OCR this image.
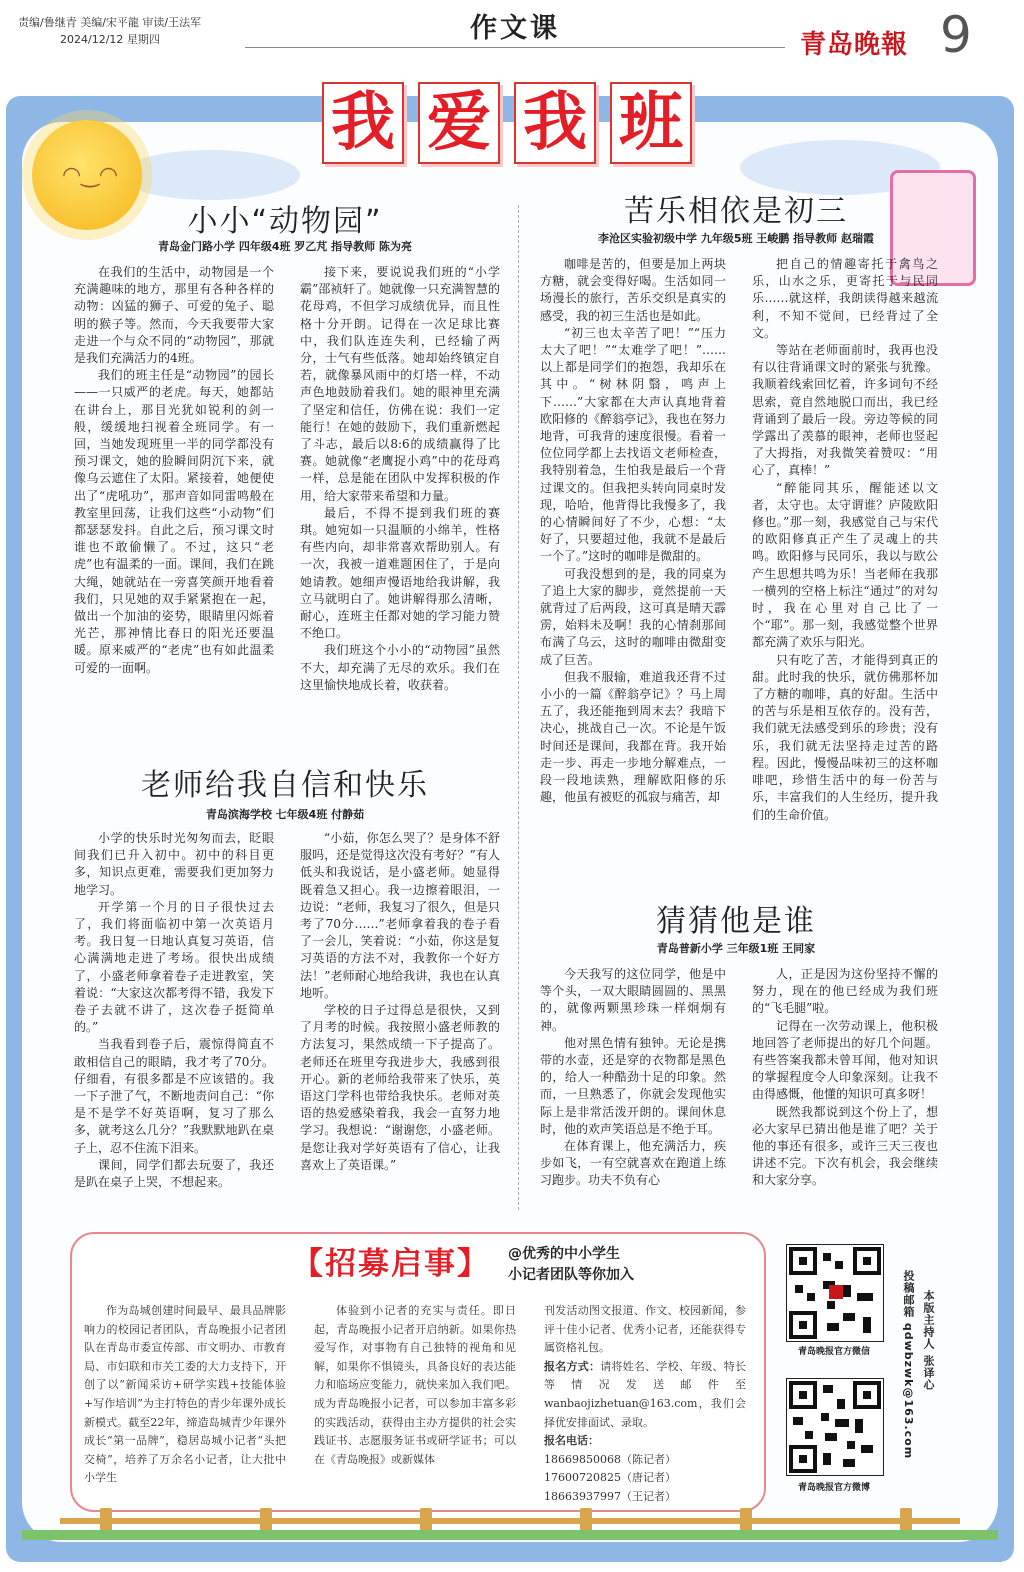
责编/鲁继青 美编/宋平龍 审读/王法军
2024/12/12 星期四	作文课
青岛晚報 9
◠‿◠
我 爱 我 班
小小“动物园”
青岛金门路小学 四年级4班 罗乙芃 指导教师 陈为亮

在我们的生活中，动物园是一个充满趣味的地方，那里有各种各样的动物：凶猛的狮子、可爱的兔子、聪明的猴子等。然而，今天我要带大家走进一个与众不同的“动物园”，那就是我们充满活力的4班。

我们的班主任是“动物园”的园长——一只威严的老虎。每天，她都站在讲台上，那目光犹如锐利的剑一般，缓缓地扫视着全班同学。有一回，当她发现班里一半的同学都没有预习课文，她的脸瞬间阴沉下来，就像乌云遮住了太阳。紧接着，她便使出了“虎吼功”，那声音如同雷鸣般在教室里回荡，让我们这些“小动物”们都瑟瑟发抖。自此之后，预习课文时谁也不敢偷懒了。不过，这只“老虎”也有温柔的一面。课间，我们在跳大绳，她就站在一旁喜笑颜开地看着我们，只见她的双手紧紧抱在一起，做出一个加油的姿势，眼睛里闪烁着光芒，那神情比春日的阳光还要温暖。原来威严的“老虎”也有如此温柔可爱的一面啊。

接下来，要说说我们班的“小学霸”邵祯轩了。她就像一只充满智慧的花母鸡，不但学习成绩优异，而且性格十分开朗。记得在一次足球比赛中，我们队连连失利，已经输了两分，士气有些低落。她却始终镇定自若，就像暴风雨中的灯塔一样，不动声色地鼓励着我们。她的眼神里充满了坚定和信任，仿佛在说：我们一定能行！在她的鼓励下，我们重新燃起了斗志，最后以8:6的成绩赢得了比赛。她就像“老鹰捉小鸡”中的花母鸡一样，总是能在团队中发挥积极的作用，给大家带来希望和力量。

最后，不得不提到我们班的赛琪。她宛如一只温顺的小绵羊，性格有些内向，却非常喜欢帮助别人。有一次，我被一道难题困住了，于是向她请教。她细声慢语地给我讲解，我立马就明白了。她讲解得那么清晰，耐心，连班主任都对她的学习能力赞不绝口。

我们班这个小小的“动物园”虽然不大，却充满了无尽的欢乐。我们在这里愉快地成长着，收获着。

老师给我自信和快乐
青岛滨海学校 七年级4班 付静茹

小学的快乐时光匆匆而去，眨眼间我们已升入初中。初中的科目更多，知识点更难，需要我们更加努力地学习。

开学第一个月的日子很快过去了，我们将面临初中第一次英语月考。我日复一日地认真复习英语，信心满满地走进了考场。很快出成绩了，小盛老师拿着卷子走进教室，笑着说：“大家这次都考得不错，我发下卷子去就不讲了，这次卷子挺简单的。”

当我看到卷子后，震惊得简直不敢相信自己的眼睛，我才考了70分。仔细看，有很多都是不应该错的。我一下子泄了气，不断地责问自己：“你是不是学不好英语啊，复习了那么多，就考这么几分？”我默默地趴在桌子上，忍不住流下泪来。

课间，同学们都去玩耍了，我还是趴在桌子上哭，不想起来。

“小茹，你怎么哭了？是身体不舒服吗，还是觉得这次没有考好？”有人低头和我说话，是小盛老师。她显得既着急又担心。我一边擦着眼泪，一边说：“老师，我复习了很久，但是只考了70分……”老师拿着我的卷子看了一会儿，笑着说：“小茹，你这是复习英语的方法不对，我教你一个好方法！”老师耐心地给我讲，我也在认真地听。

学校的日子过得总是很快，又到了月考的时候。我按照小盛老师教的方法复习，果然成绩一下子提高了。老师还在班里夸我进步大，我感到很开心。新的老师给我带来了快乐，英语这门学科也带给我快乐。老师对英语的热爱感染着我，我会一直努力地学习。我想说：“谢谢您，小盛老师。是您让我对学好英语有了信心，让我喜欢上了英语课。”

苦乐相依是初三
李沧区实验初级中学 九年级5班 王峻鹏 指导教师 赵瑞霞

咖啡是苦的，但要是加上两块方糖，就会变得好喝。生活如同一场漫长的旅行，苦乐交织是真实的感受，我的初三生活也是如此。

“初三也太辛苦了吧！”“压力太大了吧！”“太难学了吧！”……以上都是同学们的抱怨，我却乐在其中。“树林阴翳，鸣声上下……”大家都在大声认真地背着欧阳修的《醉翁亭记》，我也在努力地背，可我背的速度很慢。看着一位位同学都上去找语文老师检查，我特别着急，生怕我是最后一个背过课文的。但我把头转向同桌时发现，哈哈，他背得比我慢多了，我的心情瞬间好了不少，心想：“太好了，只要超过他，我就不是最后一个了。”这时的咖啡是微甜的。

可我没想到的是，我的同桌为了追上大家的脚步，竟然提前一天就背过了后两段，这可真是晴天霹雳，始料未及啊！我的心情刹那间布满了乌云，这时的咖啡由微甜变成了巨苦。

但我不服输，难道我还背不过小小的一篇《醉翁亭记》？马上周五了，我还能拖到周末去？我暗下决心，挑战自己一次。不论是午饭时间还是课间，我都在背。我开始走一步、再走一步地分解难点，一段一段地读熟，理解欧阳修的乐趣，他虽有被贬的孤寂与痛苦，却

把自己的情趣寄托于禽鸟之乐，山水之乐，更寄托于与民同乐……就这样，我朗读得越来越流利，不知不觉间，已经背过了全文。

等站在老师面前时，我再也没有以往背诵课文时的紧张与犹豫。我顺着线索回忆着，许多词句不经思索，竟自然地脱口而出，我已经背诵到了最后一段。旁边等候的同学露出了羡慕的眼神，老师也竖起了大拇指，对我微笑着赞叹：“用心了，真棒！”

“醉能同其乐，醒能述以文者，太守也。太守谓谁？庐陵欧阳修也。”那一刻，我感觉自己与宋代的欧阳修真正产生了灵魂上的共鸣。欧阳修与民同乐，我以与欧公产生思想共鸣为乐！当老师在我那一横列的空格上标注“通过”的对勾时，我在心里对自己比了一个“耶”。那一刻，我感觉整个世界都充满了欢乐与阳光。

只有吃了苦，才能得到真正的甜。此时我的快乐，就仿佛那杯加了方糖的咖啡，真的好甜。生活中的苦与乐是相互依存的。没有苦，我们就无法感受到乐的珍贵；没有乐，我们就无法坚持走过苦的路程。因此，慢慢品味初三的这杯咖啡吧，珍惜生活中的每一份苦与乐，丰富我们的人生经历，提升我们的生命价值。

猜猜他是谁
青岛普新小学 三年级1班 王同家

今天我写的这位同学，他是中等个头，一双大眼睛圆圆的、黑黑的，就像两颗黑珍珠一样炯炯有神。

他对黑色情有独钟。无论是携带的水壶，还是穿的衣物都是黑色的，给人一种酷劲十足的印象。然而，一旦熟悉了，你就会发现他实际上是非常活泼开朗的。课间休息时，他的欢声笑语总是不绝于耳。

在体育课上，他充满活力，疾步如飞，一有空就喜欢在跑道上练习跑步。功夫不负有心

人，正是因为这份坚持不懈的努力，现在的他已经成为我们班的“飞毛腿”啦。

记得在一次劳动课上，他积极地回答了老师提出的好几个问题。有些答案我都未曾耳闻，他对知识的掌握程度令人印象深刻。让我不由得感慨，他懂的知识可真多呀！

既然我都说到这个份上了，想必大家早已猜出他是谁了吧？关于他的事还有很多，或许三天三夜也讲述不完。下次有机会，我会继续和大家分享。

【招募启事】 @优秀的中小学生
小记者团队等你加入

作为岛城创建时间最早、最具品牌影响力的校园记者团队，青岛晚报小记者团队在青岛市委宣传部、市文明办、市教育局、市妇联和市关工委的大力支持下，开创了以“新闻采访+研学实践+技能体验+写作培训”为主打特色的青少年课外成长新模式。截至22年，缔造岛城青少年课外成长“第一品牌”，稳居岛城小记者“头把交椅”，培养了万余名小记者，让大批中小学生

体验到小记者的充实与责任。即日起，青岛晚报小记者开启纳新。如果你热爱写作，对事物有自己独特的视角和见解，如果你不惧镜头，具备良好的表达能力和临场应变能力，就快来加入我们吧。成为青岛晚报小记者，可以参加丰富多彩的实践活动，获得由主办方提供的社会实践证书、志愿服务证书或研学证书；可以在《青岛晚报》或新媒体

刊发活动图文报道、作文、校园新闻，参评十佳小记者、优秀小记者，还能获得专属资格礼包。

报名方式：请将姓名、学校、年级、特长等情况发送邮件至wanbaojizhetuan@163.com，我们会择优安排面试、录取。

报名电话：
18669850068（陈记者）
17600720825（唐记者）
18663937997（王记者）
青岛晚报官方微信
青岛晚报官方微博
本版主持人 张译心
投稿邮箱 qdwbzwk@163.com
